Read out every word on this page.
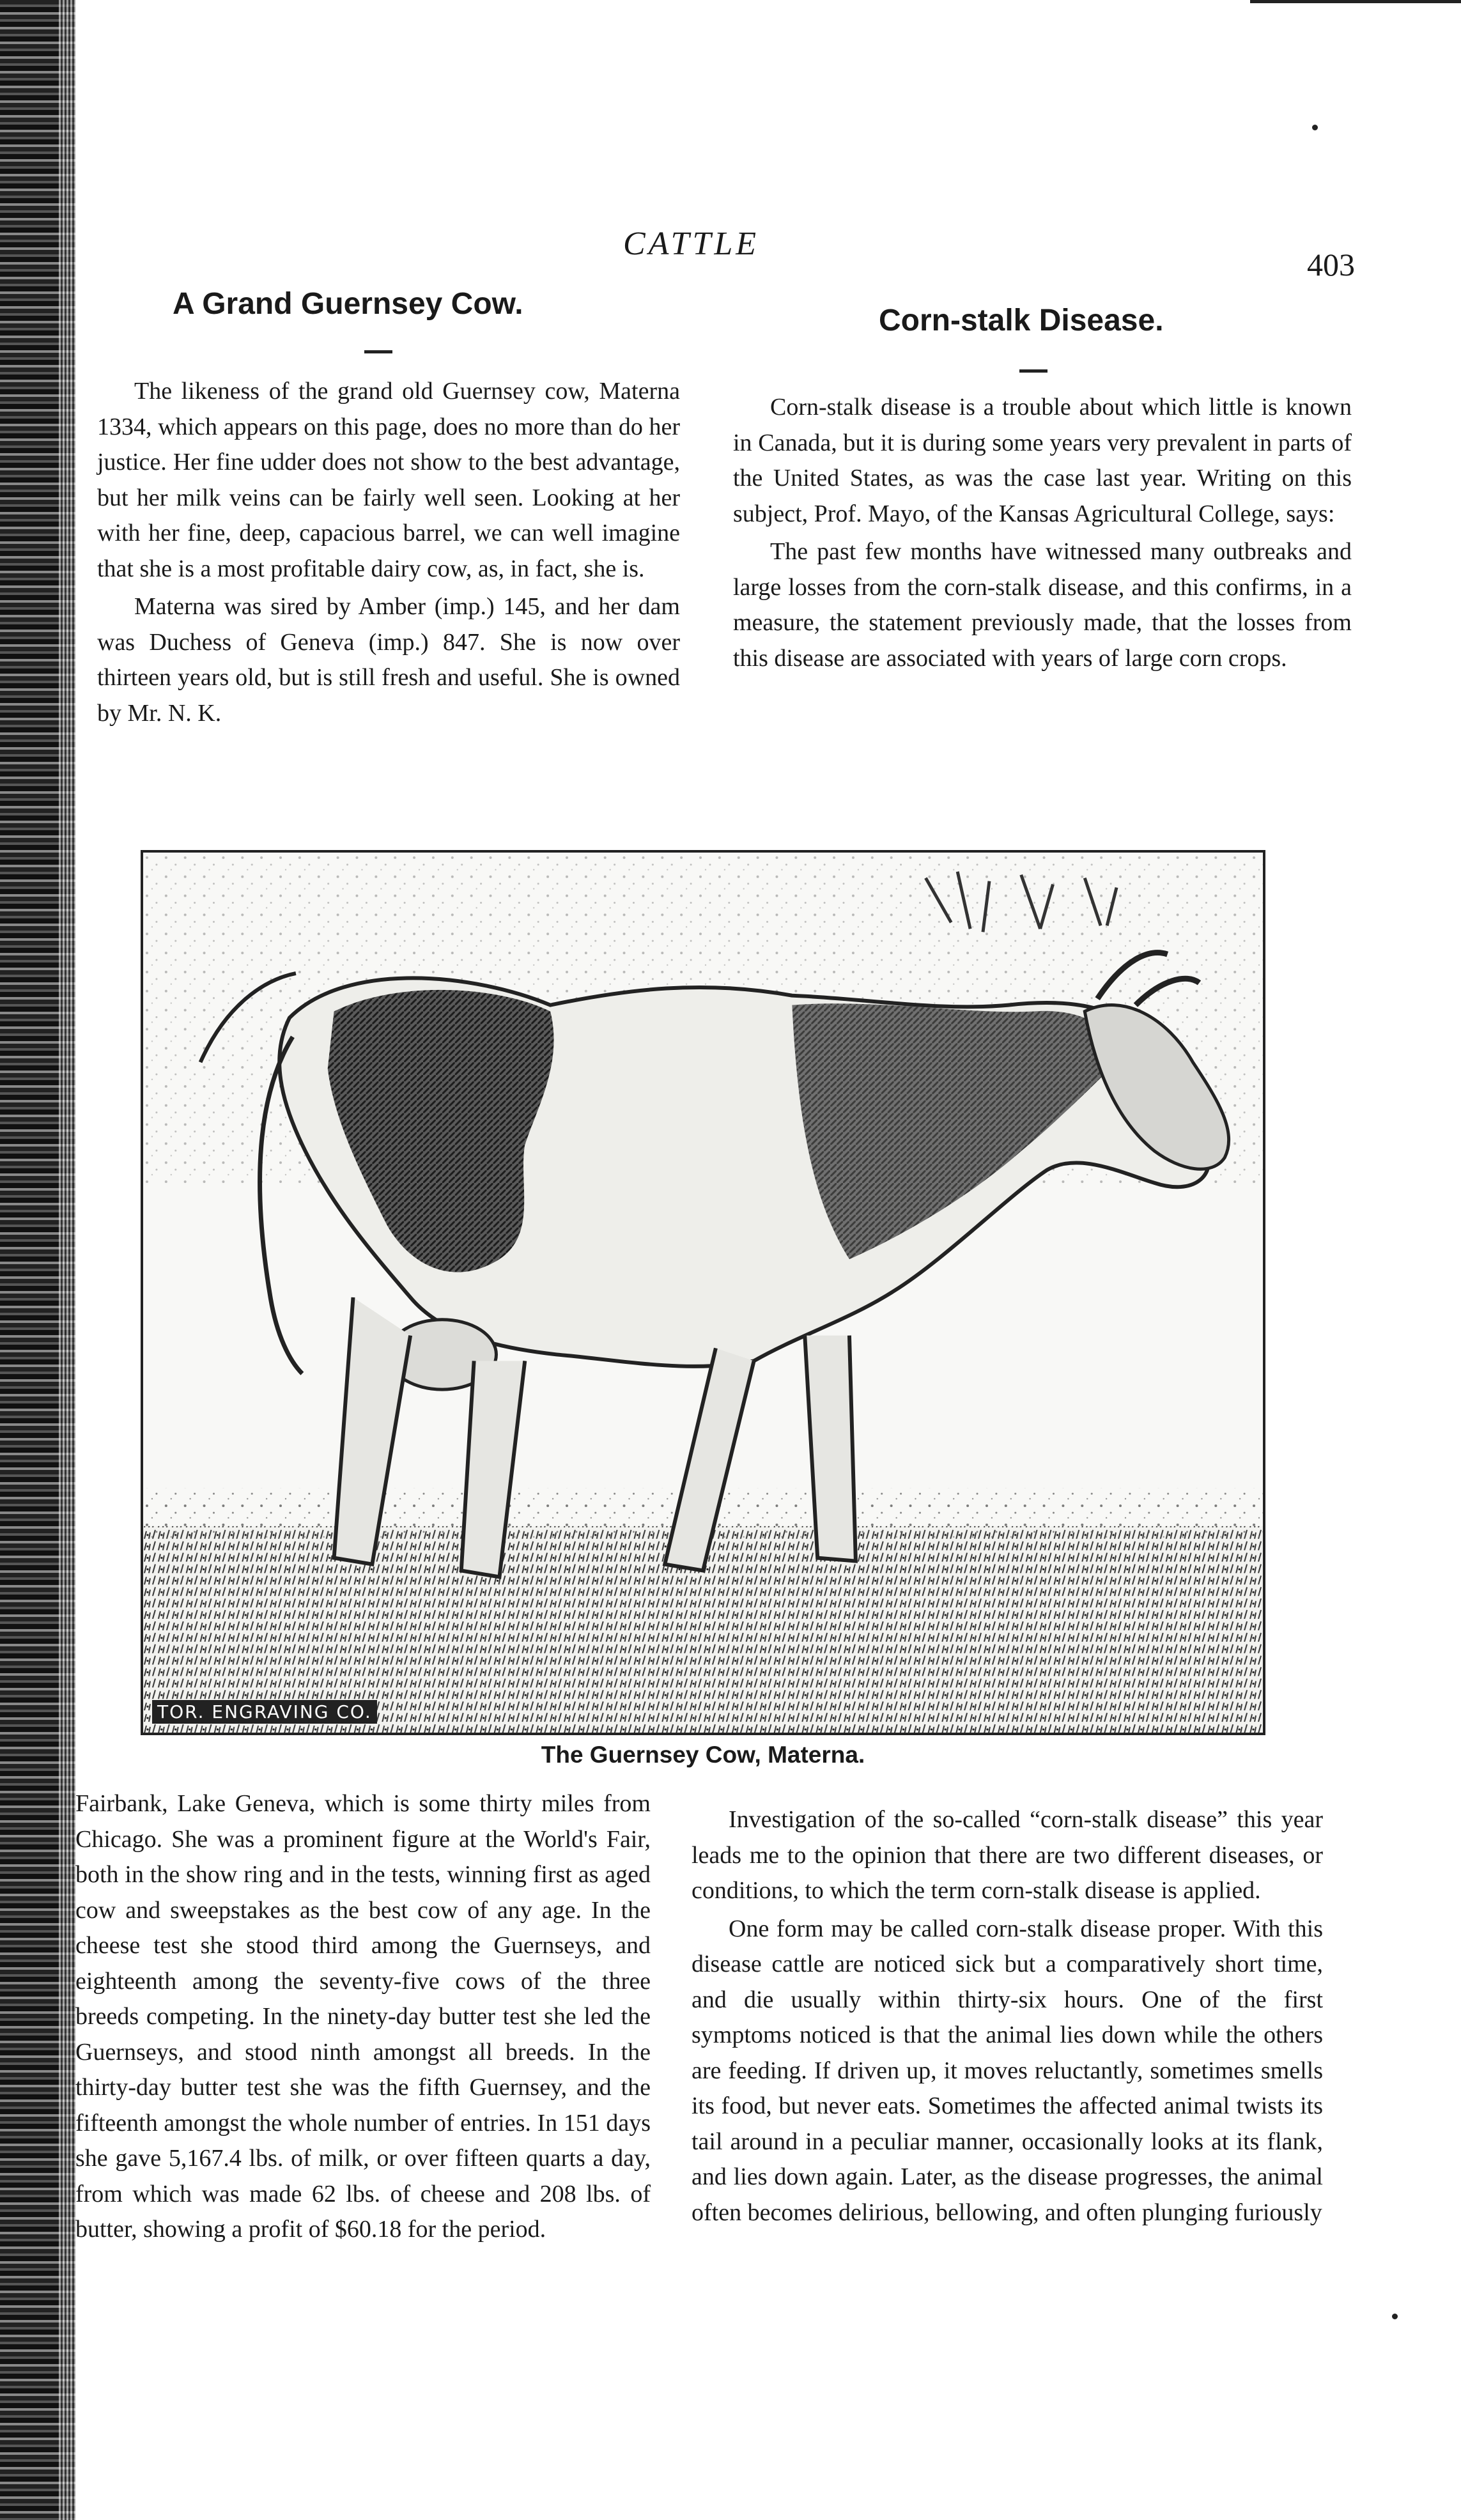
CATTLE
403
A Grand Guernsey Cow.	Corn-stalk Disease.

The likeness of the grand old Guernsey cow, Materna 1334, which appears on this page, does no more than do her justice. Her fine udder does not show to the best advantage, but her milk veins can be fairly well seen. Looking at her with her fine, deep, capacious barrel, we can well imagine that she is a most profitable dairy cow, as, in fact, she is.

Materna was sired by Amber (imp.) 145, and her dam was Duchess of Geneva (imp.) 847. She is now over thirteen years old, but is still fresh and useful. She is owned by Mr. N. K.

Corn-stalk disease is a trouble about which little is known in Canada, but it is during some years very prevalent in parts of the United States, as was the case last year. Writing on this subject, Prof. Mayo, of the Kansas Agricultural College, says:

The past few months have witnessed many outbreaks and large losses from the corn-stalk disease, and this confirms, in a measure, the statement previously made, that the losses from this disease are associated with years of large corn crops.

TOR. ENGRAVING CO.
The Guernsey Cow, Materna.

Fairbank, Lake Geneva, which is some thirty miles from Chicago. She was a prominent figure at the World's Fair, both in the show ring and in the tests, winning first as aged cow and sweepstakes as the best cow of any age. In the cheese test she stood third among the Guernseys, and eighteenth among the seventy-five cows of the three breeds competing. In the ninety-day butter test she led the Guernseys, and stood ninth amongst all breeds. In the thirty-day butter test she was the fifth Guernsey, and the fifteenth amongst the whole number of entries. In 151 days she gave 5,167.4 lbs. of milk, or over fifteen quarts a day, from which was made 62 lbs. of cheese and 208 lbs. of butter, showing a profit of $60.18 for the period.

Investigation of the so-called “corn-stalk disease” this year leads me to the opinion that there are two different diseases, or conditions, to which the term corn-stalk disease is applied.

One form may be called corn-stalk disease proper. With this disease cattle are noticed sick but a comparatively short time, and die usually within thirty-six hours. One of the first symptoms noticed is that the animal lies down while the others are feeding. If driven up, it moves reluctantly, sometimes smells its food, but never eats. Sometimes the affected animal twists its tail around in a peculiar manner, occasionally looks at its flank, and lies down again. Later, as the disease progresses, the animal often becomes delirious, bellowing, and often plunging furiously
